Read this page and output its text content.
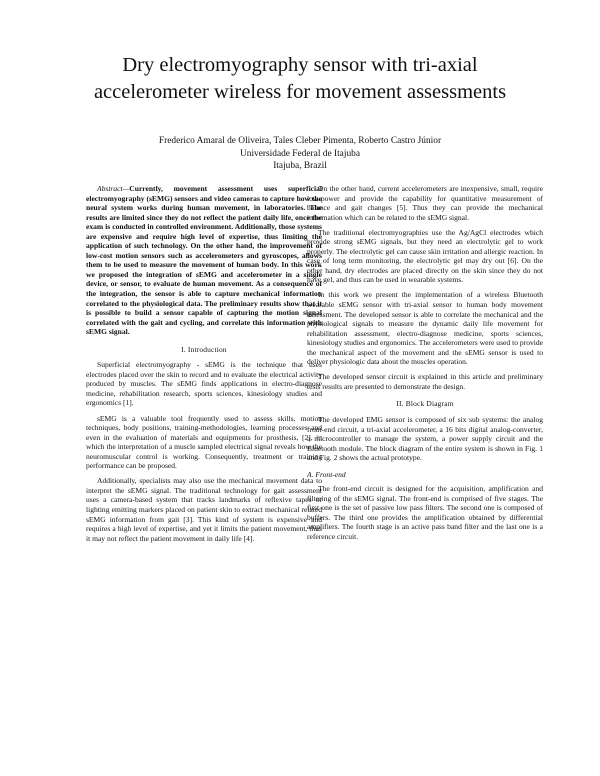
Dry electromyography sensor with tri-axial
accelerometer wireless for movement assessments
Frederico Amaral de Oliveira, Tales Cleber Pimenta, Roberto Castro Júnior
Universidade Federal de Itajuba
Itajuba, Brazil

Abstract—Currently, movement assessment uses superficial electromyography (sEMG) sensors and video cameras to capture how the neural system works during human movement, in laboratories. The results are limited since they do not reflect the patient daily life, once the exam is conducted in controlled environment. Additionally, those systems are expensive and require high level of expertise, thus limiting the application of such technology. On the other hand, the improvement of low-cost motion sensors such as accelerometers and gyroscopes, allows them to be used to measure the movement of human body. In this work we proposed the integration of sEMG and accelerometer in a single device, or sensor, to evaluate de human movement. As a consequence of the integration, the sensor is able to capture mechanical information correlated to the physiological data. The preliminary results show that it is possible to build a sensor capable of capturing the motion signal correlated with the gait and cycling, and correlate this information with sEMG signal.

I. Introduction

Superficial electromyography - sEMG is the technique that uses electrodes placed over the skin to record and to evaluate the electrical activity produced by muscles. The sEMG finds applications in electro-diagnose medicine, rehabilitation research, sports sciences, kinesiology studies and ergonomics [1].

sEMG is a valuable tool frequently used to assess skills, motion techniques, body positions, training-methodologies, learning processes and even in the evaluation of materials and equipments for prosthesis, [2], in which the interpretation of a muscle sampled electrical signal reveals how the neuromuscular control is working. Consequently, treatment or training performance can be proposed.

Additionally, specialists may also use the mechanical movement data to interpret the sEMG signal. The traditional technology for gait assessment uses a camera-based system that tracks landmarks of reflexive tapes or lighting emitting markers placed on patient skin to extract mechanical related sEMG information from gait [3]. This kind of system is expensive and requires a high level of expertise, and yet it limits the patient movement, thus it may not reflect the patient movement in daily life [4].

On the other hand, current accelerometers are inexpensive, small, require low-power and provide the capability for quantitative measurement of balance and gait changes [5]. Thus they can provide the mechanical information which can be related to the sEMG signal.

The traditional electromyographies use the Ag/AgCl electrodes which provide strong sEMG signals, but they need an electrolytic gel to work properly. The electrolytic gel can cause skin irritation and allergic reaction. In case of long term monitoring, the electrolytic gel may dry out [6]. On the other hand, dry electrodes are placed directly on the skin since they do not have gel, and thus can be used in wearable systems.

In this work we present the implementation of a wireless Bluetooth wearable sEMG sensor with tri-axial sensor to human body movement assessment. The developed sensor is able to correlate the mechanical and the physiological signals to measure the dynamic daily life movement for rehabilitation assessment, electro-diagnose medicine, sports sciences, kinesiology studies and ergonomics. The accelerometers were used to provide the mechanical aspect of the movement and the sEMG sensor is used to deliver physiologic data about the muscles operation.

The developed sensor circuit is explained in this article and preliminary tests results are presented to demonstrate the design.

II. Block Diagram

The developed EMG sensor is composed of six sub systems: the analog front-end circuit, a tri-axial accelerometer, a 16 bits digital analog-converter, a microcontroller to manage the system, a power supply circuit and the Bluetooth module. The block diagram of the entire system is shown in Fig. 1 and Fig. 2 shows the actual prototype.

A. Front-end

The front-end circuit is designed for the acquisition, amplification and filtering of the sEMG signal. The front-end is comprised of five stages. The first one is the set of passive low pass filters. The second one is composed of buffers. The third one provides the amplification obtained by differential amplifiers. The fourth stage is an active pass band filter and the last one is a reference circuit.
